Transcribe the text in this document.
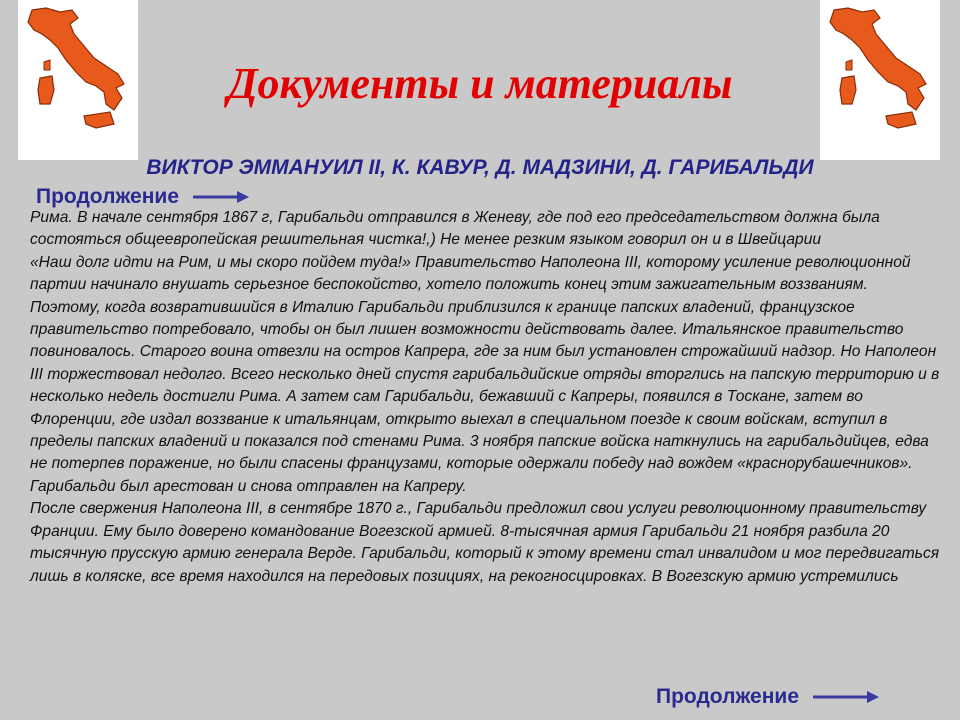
Документы и материалы
ВИКТОР ЭММАНУИЛ II, К. КАВУР, Д. МАДЗИНИ, Д. ГАРИБАЛЬДИ
Продолжение

Рима. В начале сентября 1867 г, Гарибальди отправился в Женеву, где под его председательством должна была состояться общеевропейская решительная чистка!,) Не менее резким языком говорил он и в Швейцарии

«Наш долг идти на Рим, и мы скоро пойдем туда!» Правительство Наполеона III, которому усиление революционной партии начинало внушать серьезное беспокойство, хотело положить конец этим зажигательным воззваниям. Поэтому, когда возвратившийся в Италию Гарибальди приблизился к границе папских владений, французское правительство потребовало, чтобы он был лишен возможности действовать далее. Итальянское правительство повиновалось. Старого воина отвезли на остров Капрера, где за ним был установлен строжайший надзор. Но Наполеон III торжествовал недолго. Всего несколько дней спустя гарибальдийские отряды вторглись на папскую территорию и в несколько недель достигли Рима. А затем сам Гарибальди, бежавший с Капреры, появился в Тоскане, затем во Флоренции, где издал воззвание к итальянцам, открыто выехал в специальном поезде к своим войскам, вступил в пределы папских владений и показался под стенами Рима. 3 ноября папские войска наткнулись на гарибальдийцев, едва не потерпев поражение, но были спасены французами, которые одержали победу над вождем «краснорубашечников». Гарибальди был арестован и снова отправлен на Капреру.

После свержения Наполеона III, в сентябре 1870 г., Гарибальди предложил свои услуги революционному правительству Франции. Ему было доверено командование Вогезской армией. 8-тысячная армия Гарибальди 21 ноября разбила 20 тысячную прусскую армию генерала Верде. Гарибальди, который к этому времени стал инвалидом и мог передвигаться лишь в коляске, все время находился на передовых позициях, на рекогносцировках. В Вогезскую армию устремились

Продолжение
